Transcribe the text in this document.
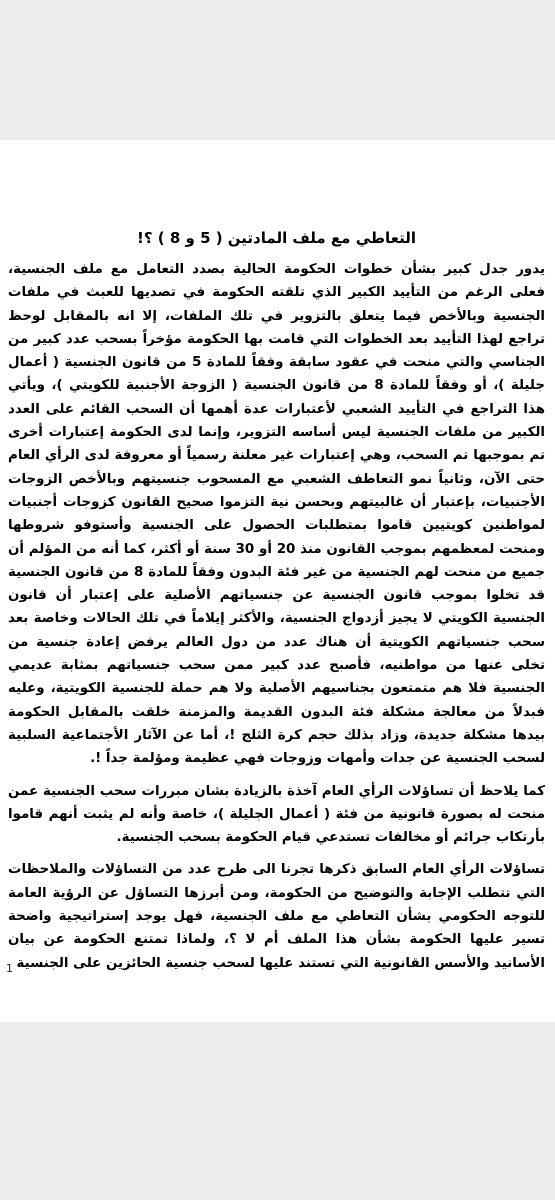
التعاطي مع ملف المادتين ( 5 و 8 ) ؟!

يدور جدل كبير بشأن خطوات الحكومة الحالية بصدد التعامل مع ملف الجنسية، فعلى الرغم من التأييد الكبير الذي تلقته الحكومة في تصديها للعبث في ملفات الجنسية وبالأخص فيما يتعلق بالتزوير في تلك الملفات، إلا انه بالمقابل لوحظ تراجع لهذا التأييد بعد الخطوات التي قامت بها الحكومة مؤخراً بسحب عدد كبير من الجناسي والتي منحت في عقود سابقة وفقاً للمادة 5 من قانون الجنسية ( أعمال جليلة )، أو وفقاً للمادة 8 من قانون الجنسية ( الزوجة الأجنبية للكويتي )، ويأتي هذا التراجع في التأييد الشعبي لأعتبارات عدة أهمها أن السحب القائم على العدد الكبير من ملفات الجنسية ليس أساسه التزوير، وإنما لدى الحكومة إعتبارات أخرى تم بموجبها تم السحب، وهي إعتبارات غير معلنة رسمياً أو معروفة لدى الرأي العام حتى الآن، وثانياً نمو التعاطف الشعبي مع المسحوب جنسيتهم وبالأخص الزوجات الأجنبيات، بإعتبار أن غالبيتهم وبحسن نية التزموا صحيح القانون كزوجات أجنبيات لمواطنين كويتيين قاموا بمتطلبات الحصول على الجنسية وأستوفو شروطها ومنحت لمعظمهم بموجب القانون منذ 20 أو 30 سنة أو أكثر، كما أنه من المؤلم أن جميع من منحت لهم الجنسية من غير فئة البدون وفقاً للمادة 8 من قانون الجنسية قد تخلوا بموجب قانون الجنسية عن جنسياتهم الأصلية على إعتبار أن قانون الجنسية الكويتي لا يجيز أزدواج الجنسية، والأكثر إيلاماً في تلك الحالات وخاصة بعد سحب جنسياتهم الكويتية أن هناك عدد من دول العالم يرفض إعادة جنسية من تخلى عنها من مواطنيه، فأصبح عدد كبير ممن سحب جنسياتهم بمثابة عديمي الجنسية فلا هم متمتعون بجناسيهم الأصلية ولا هم حملة للجنسية الكويتية، وعليه فبدلاً من معالجة مشكلة فئة البدون القديمة والمزمنة خلقت بالمقابل الحكومة بيدها مشكلة جديدة، وزاد بذلك حجم كرة الثلج !، أما عن الآثار الأجتماعية السلبية لسحب الجنسية عن جدات وأمهات وزوجات فهي عظيمة ومؤلمة جداً !.

كما يلاحظ أن تساؤلات الرأي العام آخذة بالزيادة بشان مبررات سحب الجنسية عمن منحت له بصورة قانونية من فئة ( أعمال الجليلة )، خاصة وأنه لم يثبت أنهم قاموا بأرتكاب جرائم أو مخالفات تستدعي قيام الحكومة بسحب الجنسية.

تساؤلات الرأي العام السابق ذكرها تجرنا الى طرح عدد من التساؤلات والملاحظات التي تتطلب الإجابة والتوضيح من الحكومة، ومن أبرزها التساؤل عن الرؤية العامة للتوجه الحكومي بشأن التعاطي مع ملف الجنسية، فهل يوجد إستراتيجية واضحة تسير عليها الحكومة بشأن هذا الملف أم لا ؟، ولماذا تمتنع الحكومة عن بيان الأسانيد والأسس القانونية التي تستند عليها لسحب جنسية الحائزين على الجنسية

1
